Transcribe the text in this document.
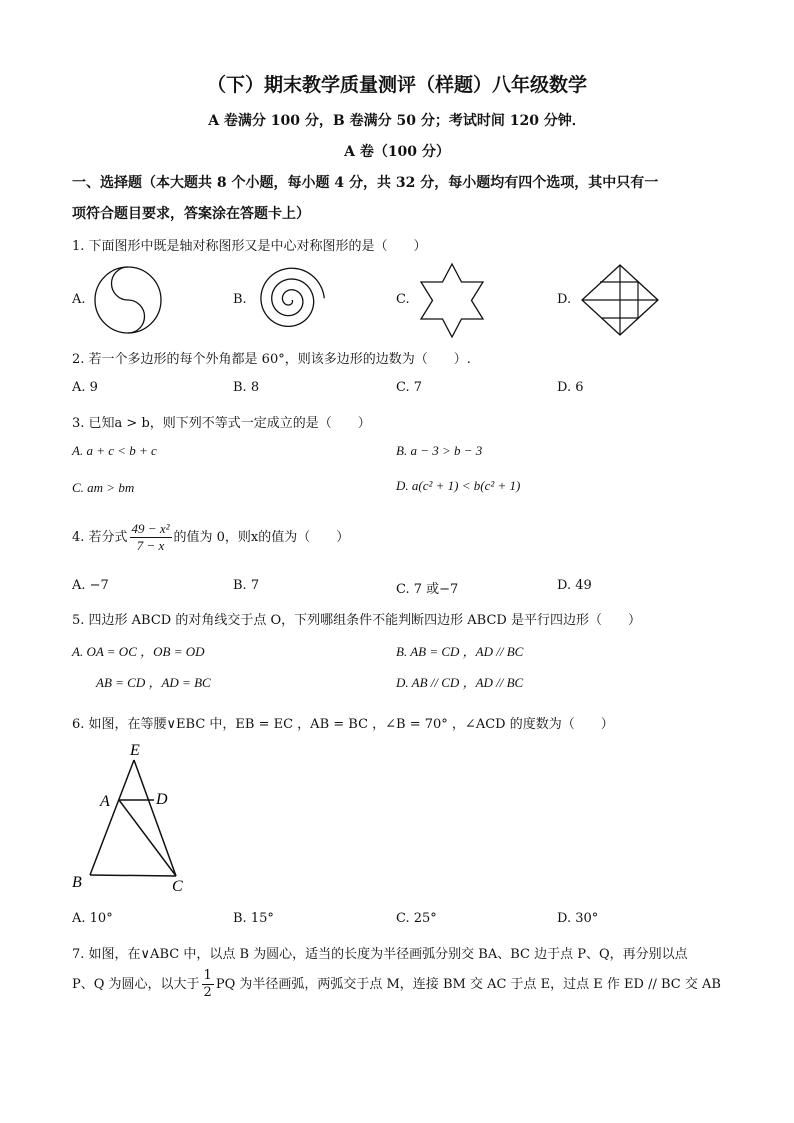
（下）期末教学质量测评（样题）八年级数学
A 卷满分 100 分，B 卷满分 50 分；考试时间 120 分钟．
A 卷（100 分）
一、选择题（本大题共 8 个小题，每小题 4 分，共 32 分，每小题均有四个选项，其中只有一
项符合题目要求，答案涂在答题卡上）
1. 下面图形中既是轴对称图形又是中心对称图形的是（　　）
A.	B.	C.	D.
2. 若一个多边形的每个外角都是 60°，则该多边形的边数为（　　）.
A. 9	B. 8	C. 7	D. 6
3. 已知a > b，则下列不等式一定成立的是（　　）
A. a + c < b + c	B. a − 3 > b − 3
C. am > bm	D. a(c² + 1) < b(c² + 1)
4. 若分式 $\frac{\text{49 − x²}}{7 - x}$ 的值为 0，则x的值为（　　）
A. −7	B. 7	C. 7 或−7	D. 49
5. 四边形 ABCD 的对角线交于点 O，下列哪组条件不能判断四边形 ABCD 是平行四边形（　　）
A. OA = OC ，OB = OD	B. AB = CD ，AD // BC
AB = CD ，AD = BC	D. AB // CD ，AD // BC
6. 如图，在等腰∨EBC 中，EB = EC ，AB = BC ，∠B = 70° ，∠ACD 的度数为（　　）
E
A	D
B	C
A. 10°	B. 15°	C. 25°	D. 30°
7. 如图，在∨ABC 中，以点 B 为圆心，适当的长度为半径画弧分别交 BA、BC 边于点 P、Q，再分别以点
P、Q 为圆心，以大于 $\frac{1}{2}$ PQ 为半径画弧，两弧交于点 M，连接 BM 交 AC 于点 E，过点 E 作 ED // BC 交 AB
